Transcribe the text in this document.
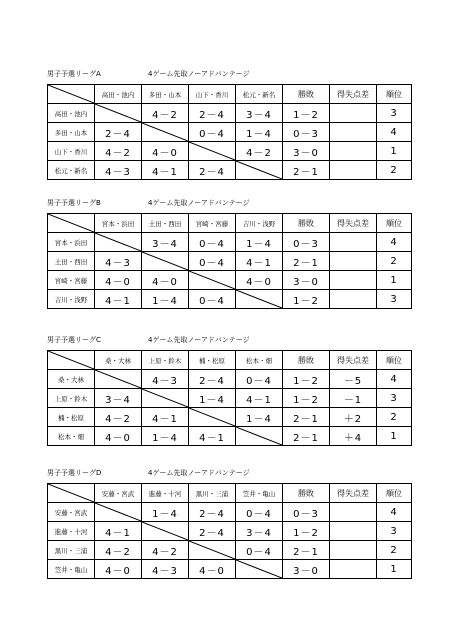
男子予選リーグA	4ゲーム先取ノーアドバンテージ
	高田・池内	多田・山本	山下・香川	松元・新名	勝敗	得失点差	順位
高田・池内		4－2	2－4	3－4	1－2		3
多田・山本	2－4		0－4	1－4	0－3		4
山下・香川	4－2	4－0		4－2	3－0		1
松元・新名	4－3	4－1	2－4		2－1		2
男子予選リーグB	4ゲーム先取ノーアドバンテージ
	宮本・浜田	土田・西田	宮崎・宮藤	吉川・浅野	勝敗	得失点差	順位
宮本・浜田		3－4	0－4	1－4	0－3		4
土田・西田	4－3		0－4	4－1	2－1		2
宮崎・宮藤	4－0	4－0		4－0	3－0		1
吉川・浅野	4－1	1－4	0－4		1－2		3
男子予選リーグC	4ゲーム先取ノーアドバンテージ
	桑・大林	上原・鈴木	楠・松原	松本・畑	勝敗	得失点差	順位
桑・大林		4－3	2－4	0－4	1－2	－5	4
上原・鈴木	3－4		1－4	4－1	1－2	－1	3
楠・松原	4－2	4－1		1－4	2－1	＋2	2
松本・畑	4－0	1－4	4－1		2－1	＋4	1
男子予選リーグD	4ゲーム先取ノーアドバンテージ
	安藤・宮武	進藤・十河	黒川・三浦	笠井・亀山	勝敗	得失点差	順位
安藤・宮武		1－4	2－4	0－4	0－3		4
進藤・十河	4－1		2－4	3－4	1－2		3
黒川・三浦	4－2	4－2		0－4	2－1		2
笠井・亀山	4－0	4－3	4－0		3－0		1
